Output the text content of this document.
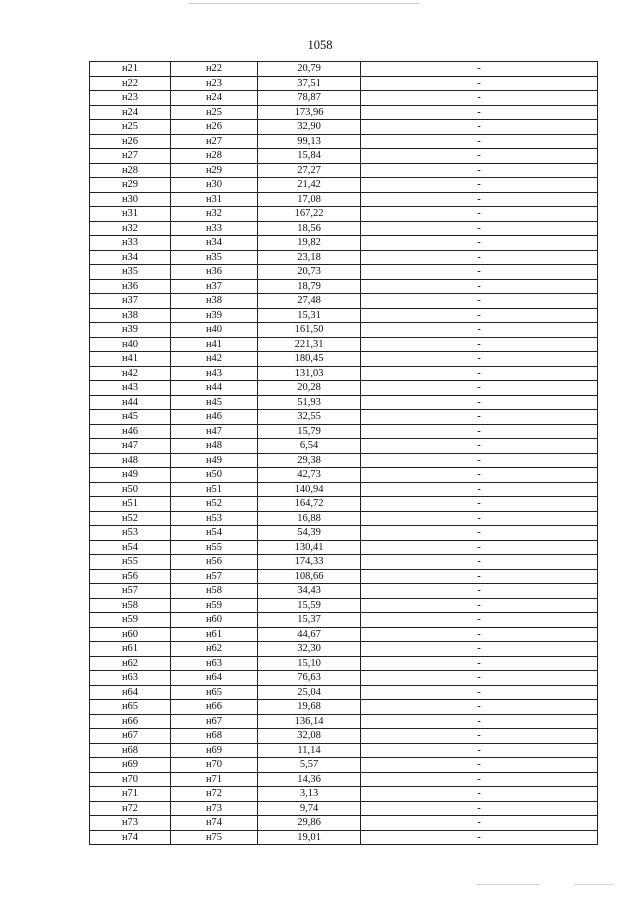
1058
н21	н22	20,79	-
н22	н23	37,51	-
н23	н24	78,87	-
н24	н25	173,96	-
н25	н26	32,90	-
н26	н27	99,13	-
н27	н28	15,84	-
н28	н29	27,27	-
н29	н30	21,42	-
н30	н31	17,08	-
н31	н32	167,22	-
н32	н33	18,56	-
н33	н34	19,82	-
н34	н35	23,18	-
н35	н36	20,73	-
н36	н37	18,79	-
н37	н38	27,48	-
н38	н39	15,31	-
н39	н40	161,50	-
н40	н41	221,31	-
н41	н42	180,45	-
н42	н43	131,03	-
н43	н44	20,28	-
н44	н45	51,93	-
н45	н46	32,55	-
н46	н47	15,79	-
н47	н48	6,54	-
н48	н49	29,38	-
н49	н50	42,73	-
н50	н51	140,94	-
н51	н52	164,72	-
н52	н53	16,88	-
н53	н54	54,39	-
н54	н55	130,41	-
н55	н56	174,33	-
н56	н57	108,66	-
н57	н58	34,43	-
н58	н59	15,59	-
н59	н60	15,37	-
н60	н61	44,67	-
н61	н62	32,30	-
н62	н63	15,10	-
н63	н64	76,63	-
н64	н65	25,04	-
н65	н66	19,68	-
н66	н67	136,14	-
н67	н68	32,08	-
н68	н69	11,14	-
н69	н70	5,57	-
н70	н71	14,36	-
н71	н72	3,13	-
н72	н73	9,74	-
н73	н74	29,86	-
н74	н75	19,01	-
